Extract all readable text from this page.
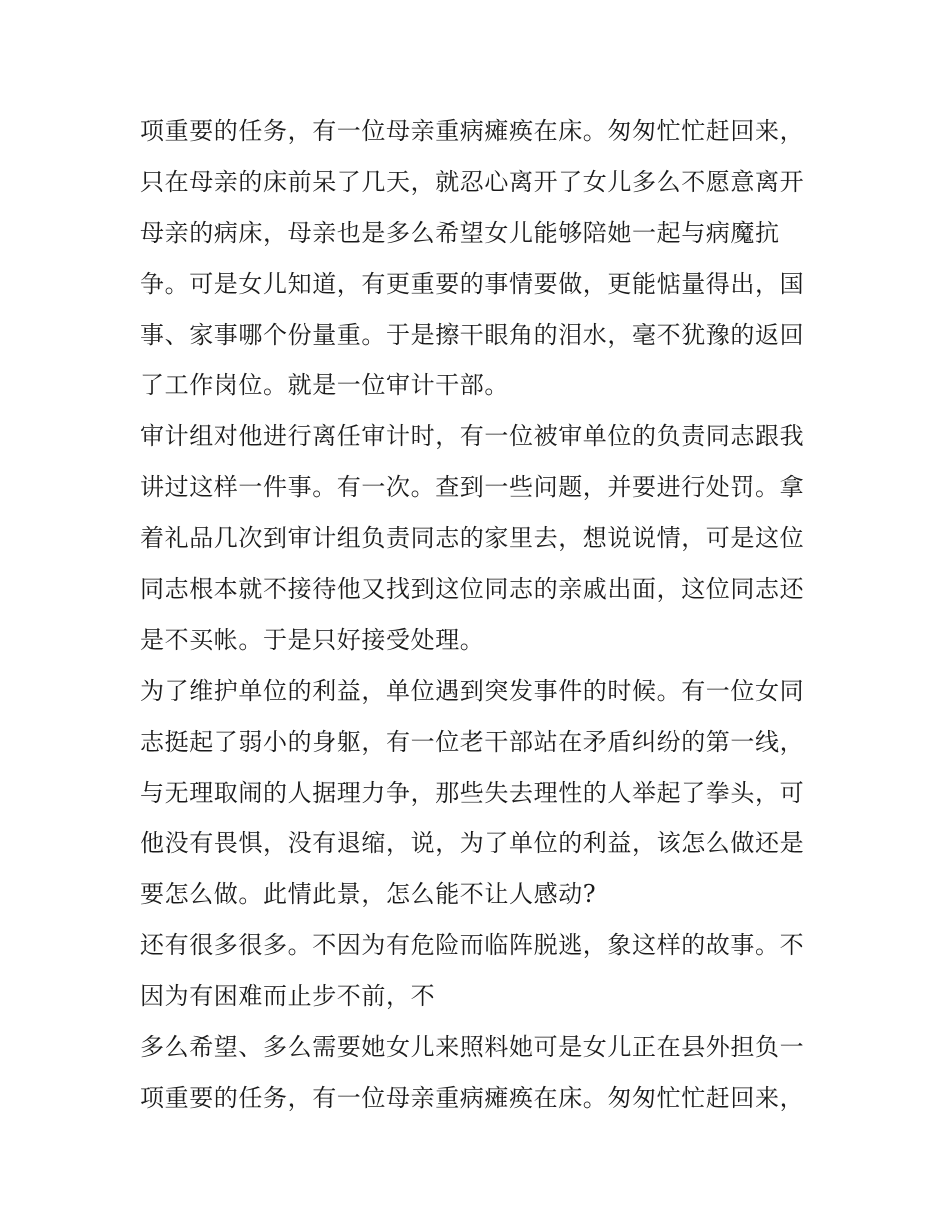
项重要的任务，有一位母亲重病瘫痪在床。匆匆忙忙赶回来，
只在母亲的床前呆了几天，就忍心离开了女儿多么不愿意离开
母亲的病床，母亲也是多么希望女儿能够陪她一起与病魔抗
争。可是女儿知道，有更重要的事情要做，更能惦量得出，国
事、家事哪个份量重。于是擦干眼角的泪水，毫不犹豫的返回
了工作岗位。就是一位审计干部。
审计组对他进行离任审计时，有一位被审单位的负责同志跟我
讲过这样一件事。有一次。查到一些问题，并要进行处罚。拿
着礼品几次到审计组负责同志的家里去，想说说情，可是这位
同志根本就不接待他又找到这位同志的亲戚出面，这位同志还
是不买帐。于是只好接受处理。
为了维护单位的利益，单位遇到突发事件的时候。有一位女同
志挺起了弱小的身躯，有一位老干部站在矛盾纠纷的第一线，
与无理取闹的人据理力争，那些失去理性的人举起了拳头，可
他没有畏惧，没有退缩，说，为了单位的利益，该怎么做还是
要怎么做。此情此景，怎么能不让人感动?
还有很多很多。不因为有危险而临阵脱逃，象这样的故事。不
因为有困难而止步不前，不
多么希望、多么需要她女儿来照料她可是女儿正在县外担负一
项重要的任务，有一位母亲重病瘫痪在床。匆匆忙忙赶回来，
